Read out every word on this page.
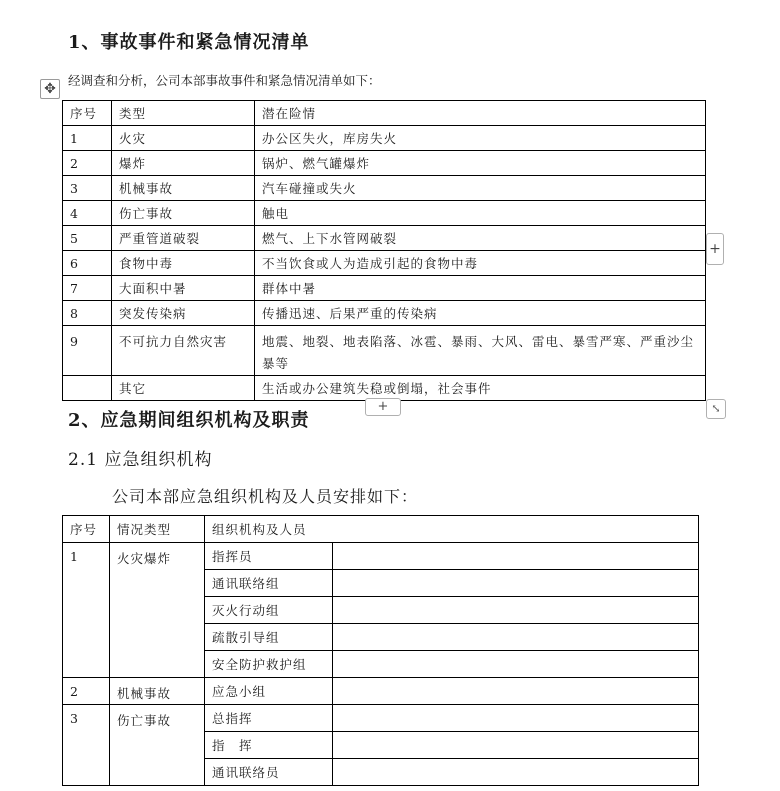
1、事故事件和紧急情况清单
✥
经调查和分析，公司本部事故事件和紧急情况清单如下：
序号	类型	潜在险情
1	火灾	办公区失火，库房失火
2	爆炸	锅炉、燃气罐爆炸
3	机械事故	汽车碰撞或失火
4	伤亡事故	触电
5	严重管道破裂	燃气、上下水管网破裂
6	食物中毒	不当饮食或人为造成引起的食物中毒
7	大面积中暑	群体中暑
8	突发传染病	传播迅速、后果严重的传染病
9	不可抗力自然灾害	地震、地裂、地表陷落、冰雹、暴雨、大风、雷电、暴雪严寒、严重沙尘暴等
	其它	生活或办公建筑失稳或倒塌，社会事件
+
+	⤡
2、应急期间组织机构及职责
2.1 应急组织机构
公司本部应急组织机构及人员安排如下：
序号	情况类型	组织机构及人员	
1	火灾爆炸	指挥员	
		通讯联络组	
		灭火行动组	
		疏散引导组	
		安全防护救护组	
2	机械事故	应急小组	
3	伤亡事故	总指挥	
		指　挥	
		通讯联络员	
